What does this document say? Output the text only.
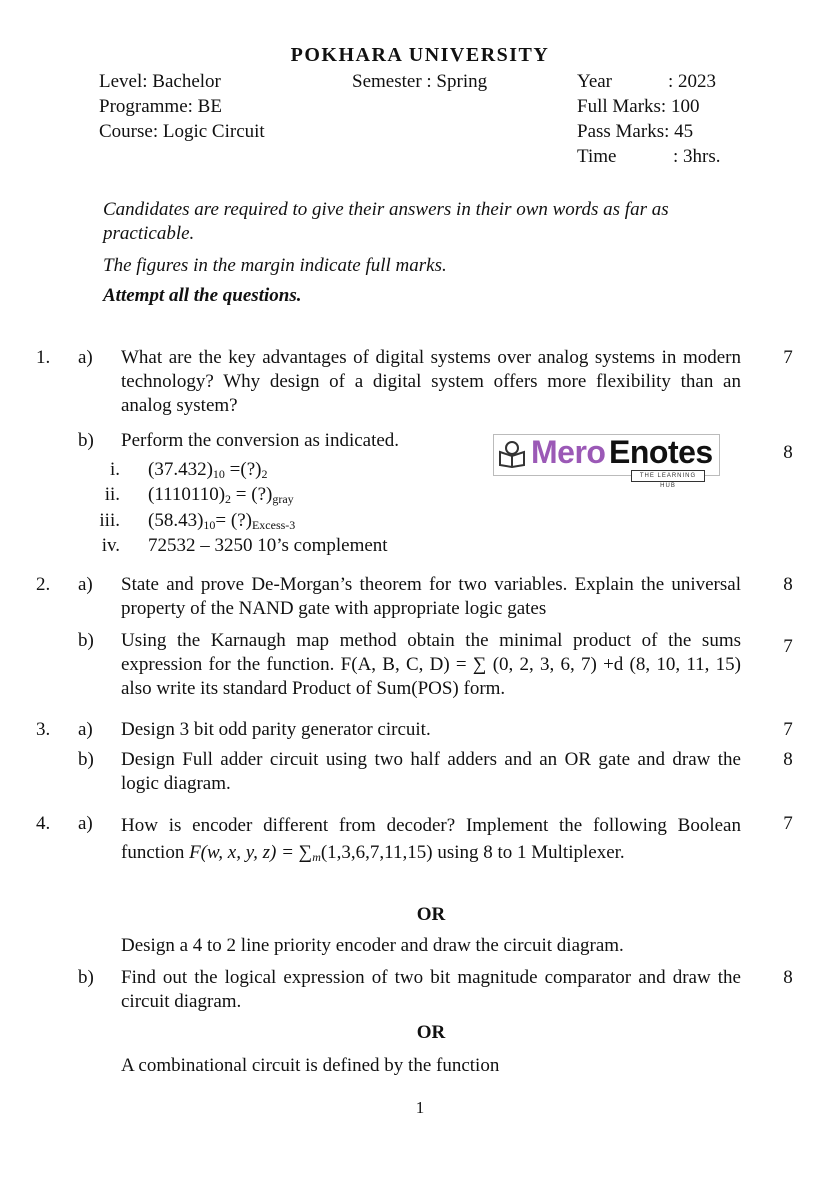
POKHARA UNIVERSITY
Level: Bachelor
Programme: BE
Course: Logic Circuit
Semester : Spring	Year	: 2023
Full Marks: 100
Pass Marks: 45
Time	: 3hrs.
Candidates are required to give their answers in their own words as far as practicable.
The figures in the margin indicate full marks.
Attempt all the questions.
1. a) What are the key advantages of digital systems over analog systems in modern technology? Why design of a digital system offers more flexibility than an analog system?
7
b) Perform the conversion as indicated.
8
i. $(37.432)_{10}$ $=(?)_2$
ii. $(1110110)_2$ = $(?)_{gray}$
iii. $(58.43)_{10}=$ $(?)_{Excess-3}$
iv. 72532 – 3250 10’s complement
Mero Enotes
THE LEARNING HUB
2. a) State and prove De-Morgan’s theorem for two variables. Explain the universal property of the NAND gate with appropriate logic gates
8
b) Using the Karnaugh map method obtain the minimal product of the sums expression for the function. F(A, B, C, D) = ∑ (0, 2, 3, 6, 7) +d (8, 10, 11, 15) also write its standard Product of Sum(POS) form.
7
3. a) Design 3 bit odd parity generator circuit.	7
b) Design Full adder circuit using two half adders and an OR gate and draw the logic diagram.
8
4. a) How is encoder different from decoder? Implement the following Boolean function F(w, x, y, $z) = \sum_m(1,3,6,7,11,15)$ using 8 to 1 Multiplexer.
7
OR
Design a 4 to 2 line priority encoder and draw the circuit diagram.
b) Find out the logical expression of two bit magnitude comparator and draw the circuit diagram.
8
OR
A combinational circuit is defined by the function
1
